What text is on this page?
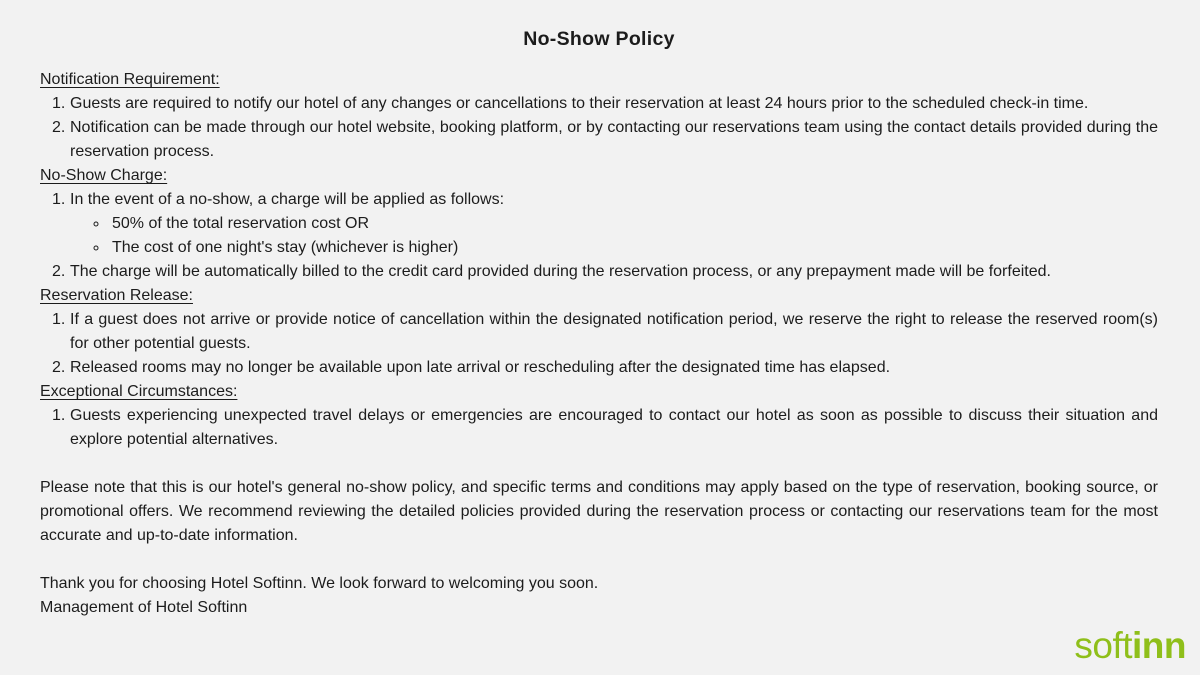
No-Show Policy
Notification Requirement:
Guests are required to notify our hotel of any changes or cancellations to their reservation at least 24 hours prior to the scheduled check-in time.
Notification can be made through our hotel website, booking platform, or by contacting our reservations team using the contact details provided during the reservation process.
No-Show Charge:
In the event of a no-show, a charge will be applied as follows:
◦ 50% of the total reservation cost OR
◦ The cost of one night's stay (whichever is higher)
The charge will be automatically billed to the credit card provided during the reservation process, or any prepayment made will be forfeited.
Reservation Release:
If a guest does not arrive or provide notice of cancellation within the designated notification period, we reserve the right to release the reserved room(s) for other potential guests.
Released rooms may no longer be available upon late arrival or rescheduling after the designated time has elapsed.
Exceptional Circumstances:
Guests experiencing unexpected travel delays or emergencies are encouraged to contact our hotel as soon as possible to discuss their situation and explore potential alternatives.

Please note that this is our hotel's general no-show policy, and specific terms and conditions may apply based on the type of reservation, booking source, or promotional offers. We recommend reviewing the detailed policies provided during the reservation process or contacting our reservations team for the most accurate and up-to-date information.

Thank you for choosing Hotel Softinn. We look forward to welcoming you soon.

Management of Hotel Softinn

softinn
